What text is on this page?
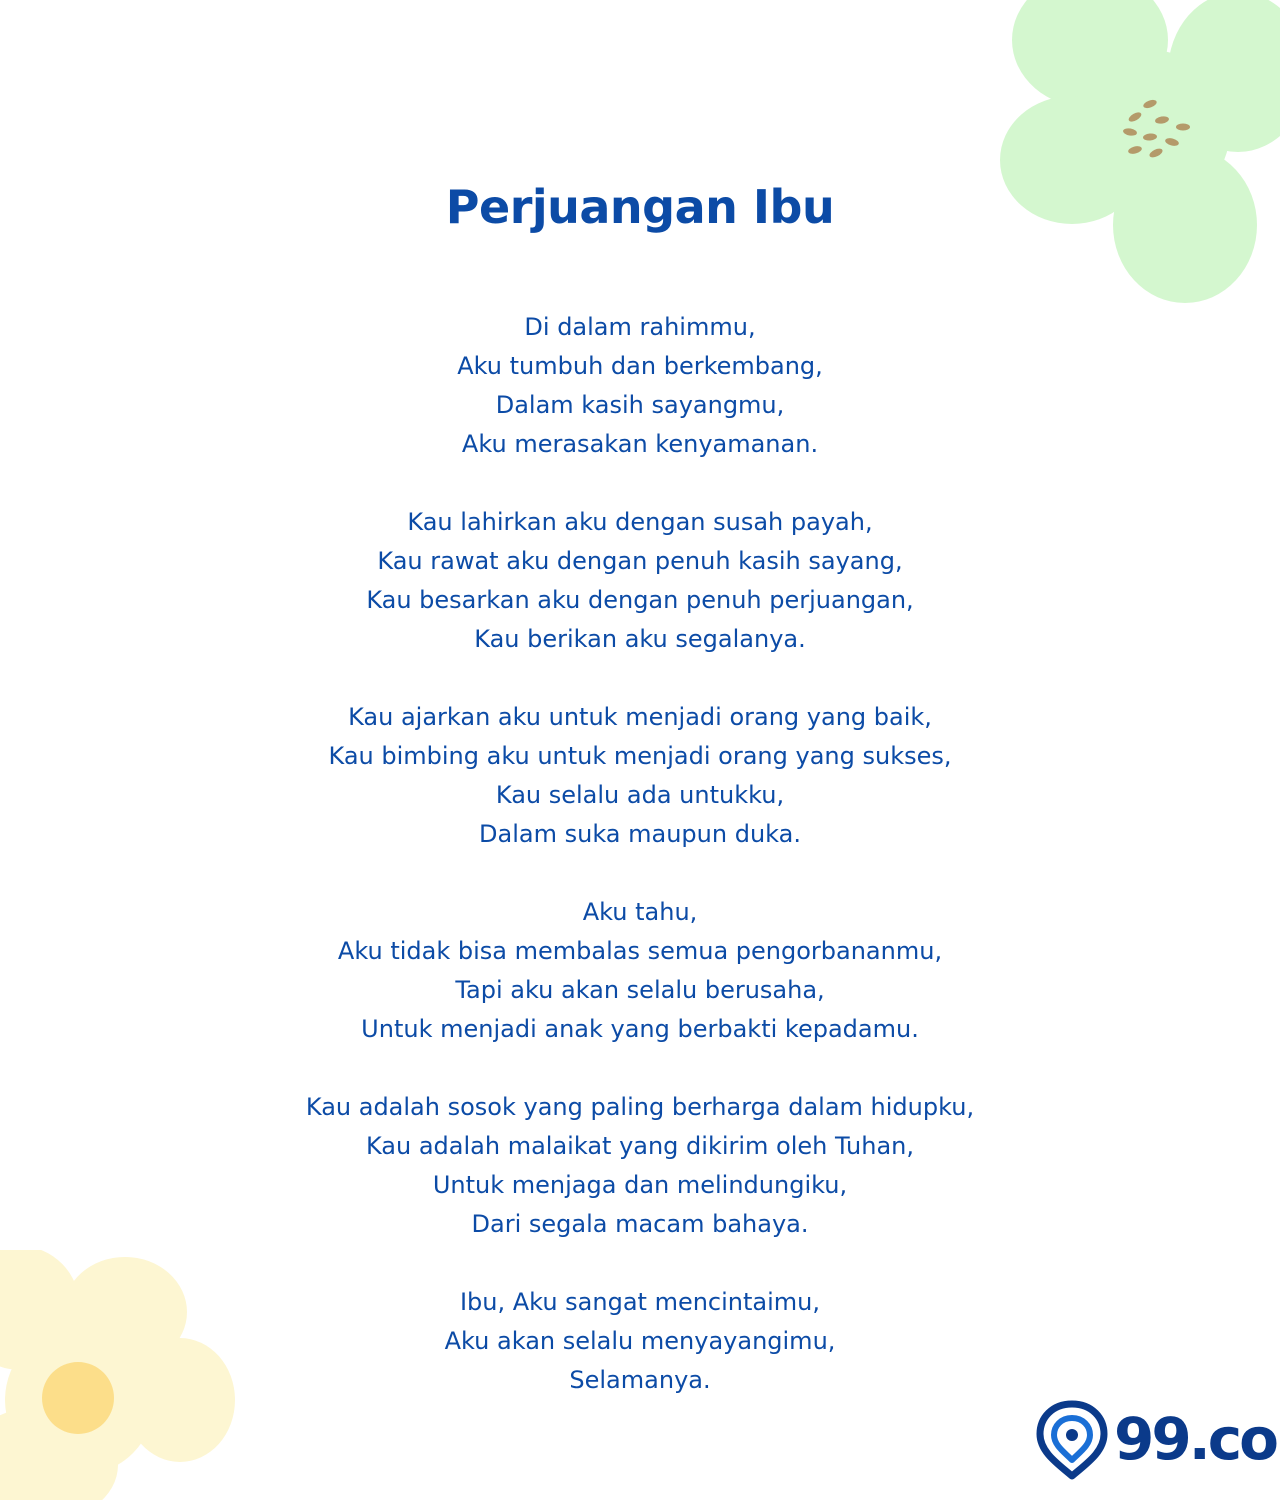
Perjuangan Ibu
Di dalam rahimmu,
Aku tumbuh dan berkembang,
Dalam kasih sayangmu,
Aku merasakan kenyamanan.
Kau lahirkan aku dengan susah payah,
Kau rawat aku dengan penuh kasih sayang,
Kau besarkan aku dengan penuh perjuangan,
Kau berikan aku segalanya.
Kau ajarkan aku untuk menjadi orang yang baik,
Kau bimbing aku untuk menjadi orang yang sukses,
Kau selalu ada untukku,
Dalam suka maupun duka.
Aku tahu,
Aku tidak bisa membalas semua pengorbananmu,
Tapi aku akan selalu berusaha,
Untuk menjadi anak yang berbakti kepadamu.
Kau adalah sosok yang paling berharga dalam hidupku,
Kau adalah malaikat yang dikirim oleh Tuhan,
Untuk menjaga dan melindungiku,
Dari segala macam bahaya.
Ibu, Aku sangat mencintaimu,
Aku akan selalu menyayangimu,
Selamanya.
99.co
